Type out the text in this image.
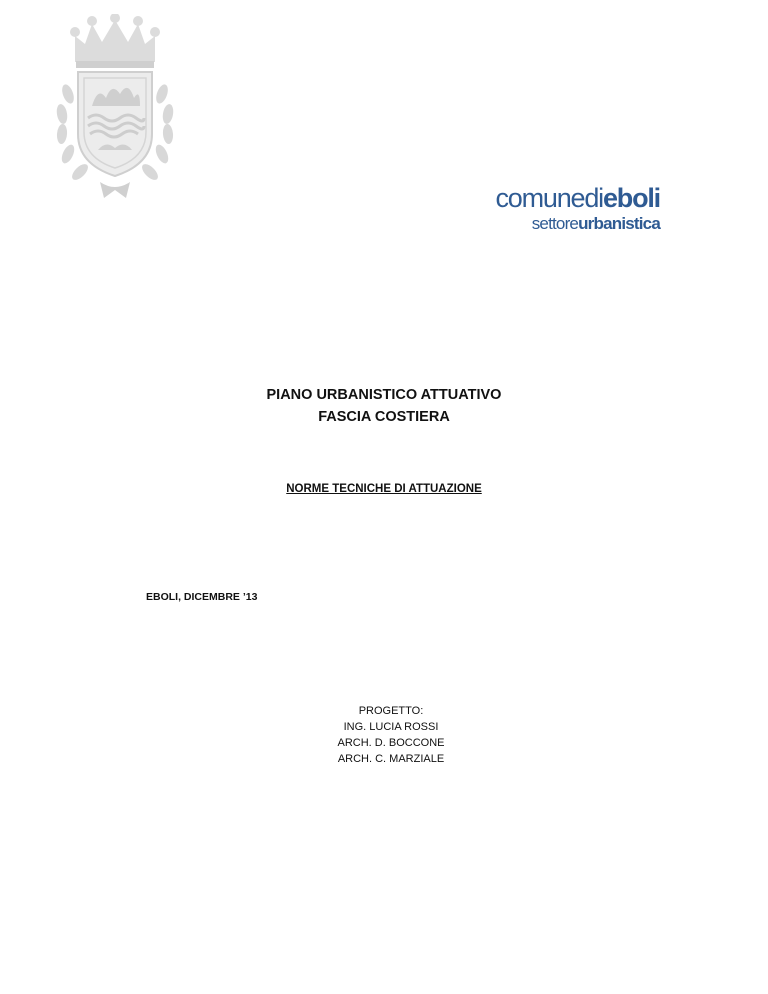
comunedieboli
settoreurbanistica
PIANO URBANISTICO ATTUATIVO
FASCIA COSTIERA
NORME TECNICHE DI ATTUAZIONE
EBOLI, DICEMBRE ’13
PROGETTO:
ING. LUCIA ROSSI
ARCH. D. BOCCONE
ARCH. C. MARZIALE
